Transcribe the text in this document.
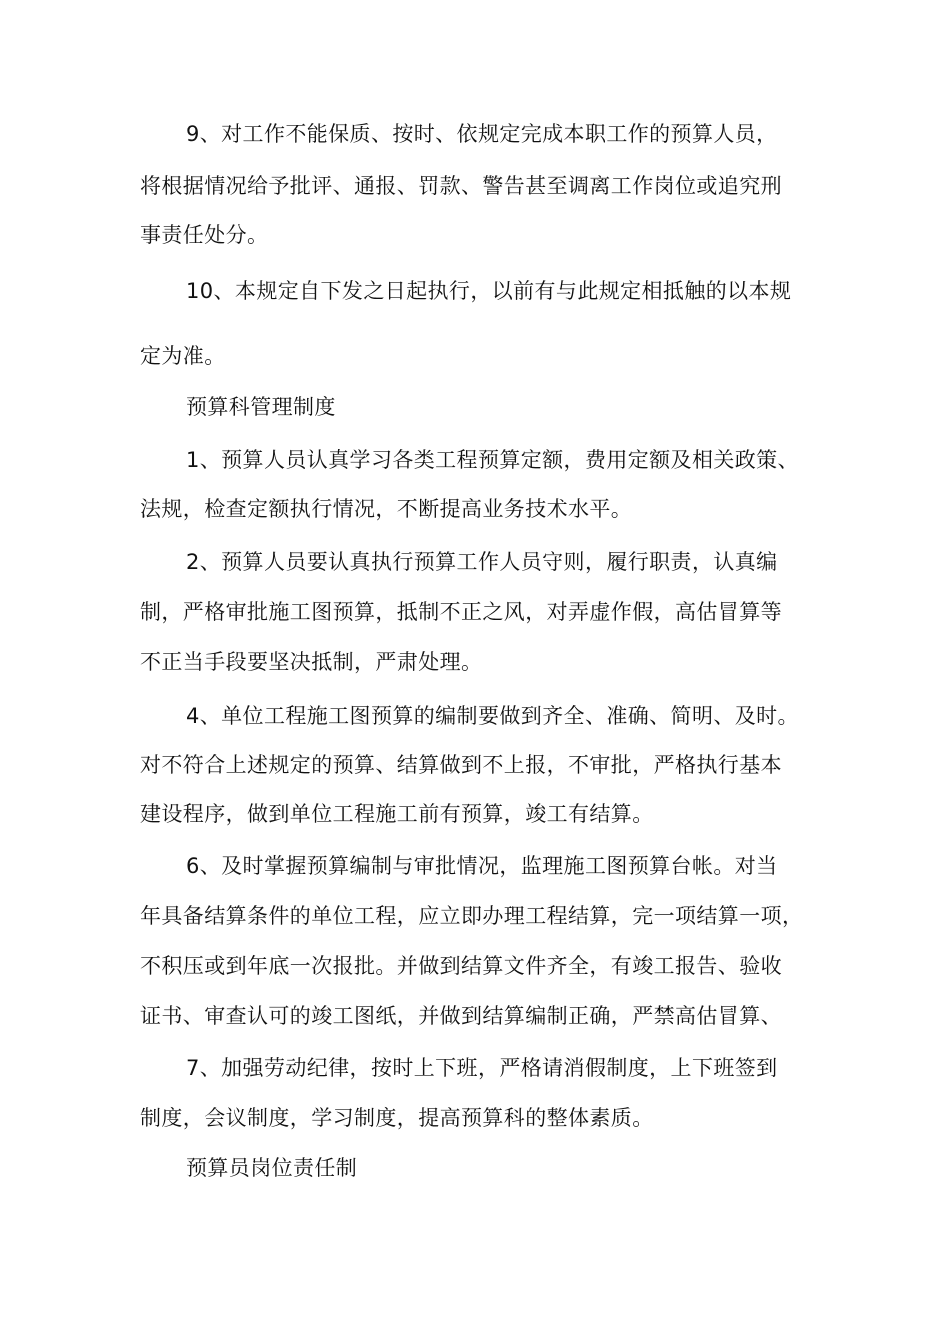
9、对工作不能保质、按时、依规定完成本职工作的预算人员，
将根据情况给予批评、通报、罚款、警告甚至调离工作岗位或追究刑
事责任处分。
10、本规定自下发之日起执行，以前有与此规定相抵触的以本规
定为准。
预算科管理制度
1、预算人员认真学习各类工程预算定额，费用定额及相关政策、
法规，检查定额执行情况，不断提高业务技术水平。
2、预算人员要认真执行预算工作人员守则，履行职责，认真编
制，严格审批施工图预算，抵制不正之风，对弄虚作假，高估冒算等
不正当手段要坚决抵制，严肃处理。
4、单位工程施工图预算的编制要做到齐全、准确、简明、及时。
对不符合上述规定的预算、结算做到不上报，不审批，严格执行基本
建设程序，做到单位工程施工前有预算，竣工有结算。
6、及时掌握预算编制与审批情况，监理施工图预算台帐。对当
年具备结算条件的单位工程，应立即办理工程结算，完一项结算一项，
不积压或到年底一次报批。并做到结算文件齐全，有竣工报告、验收
证书、审查认可的竣工图纸，并做到结算编制正确，严禁高估冒算、
7、加强劳动纪律，按时上下班，严格请消假制度，上下班签到
制度，会议制度，学习制度，提高预算科的整体素质。
预算员岗位责任制
